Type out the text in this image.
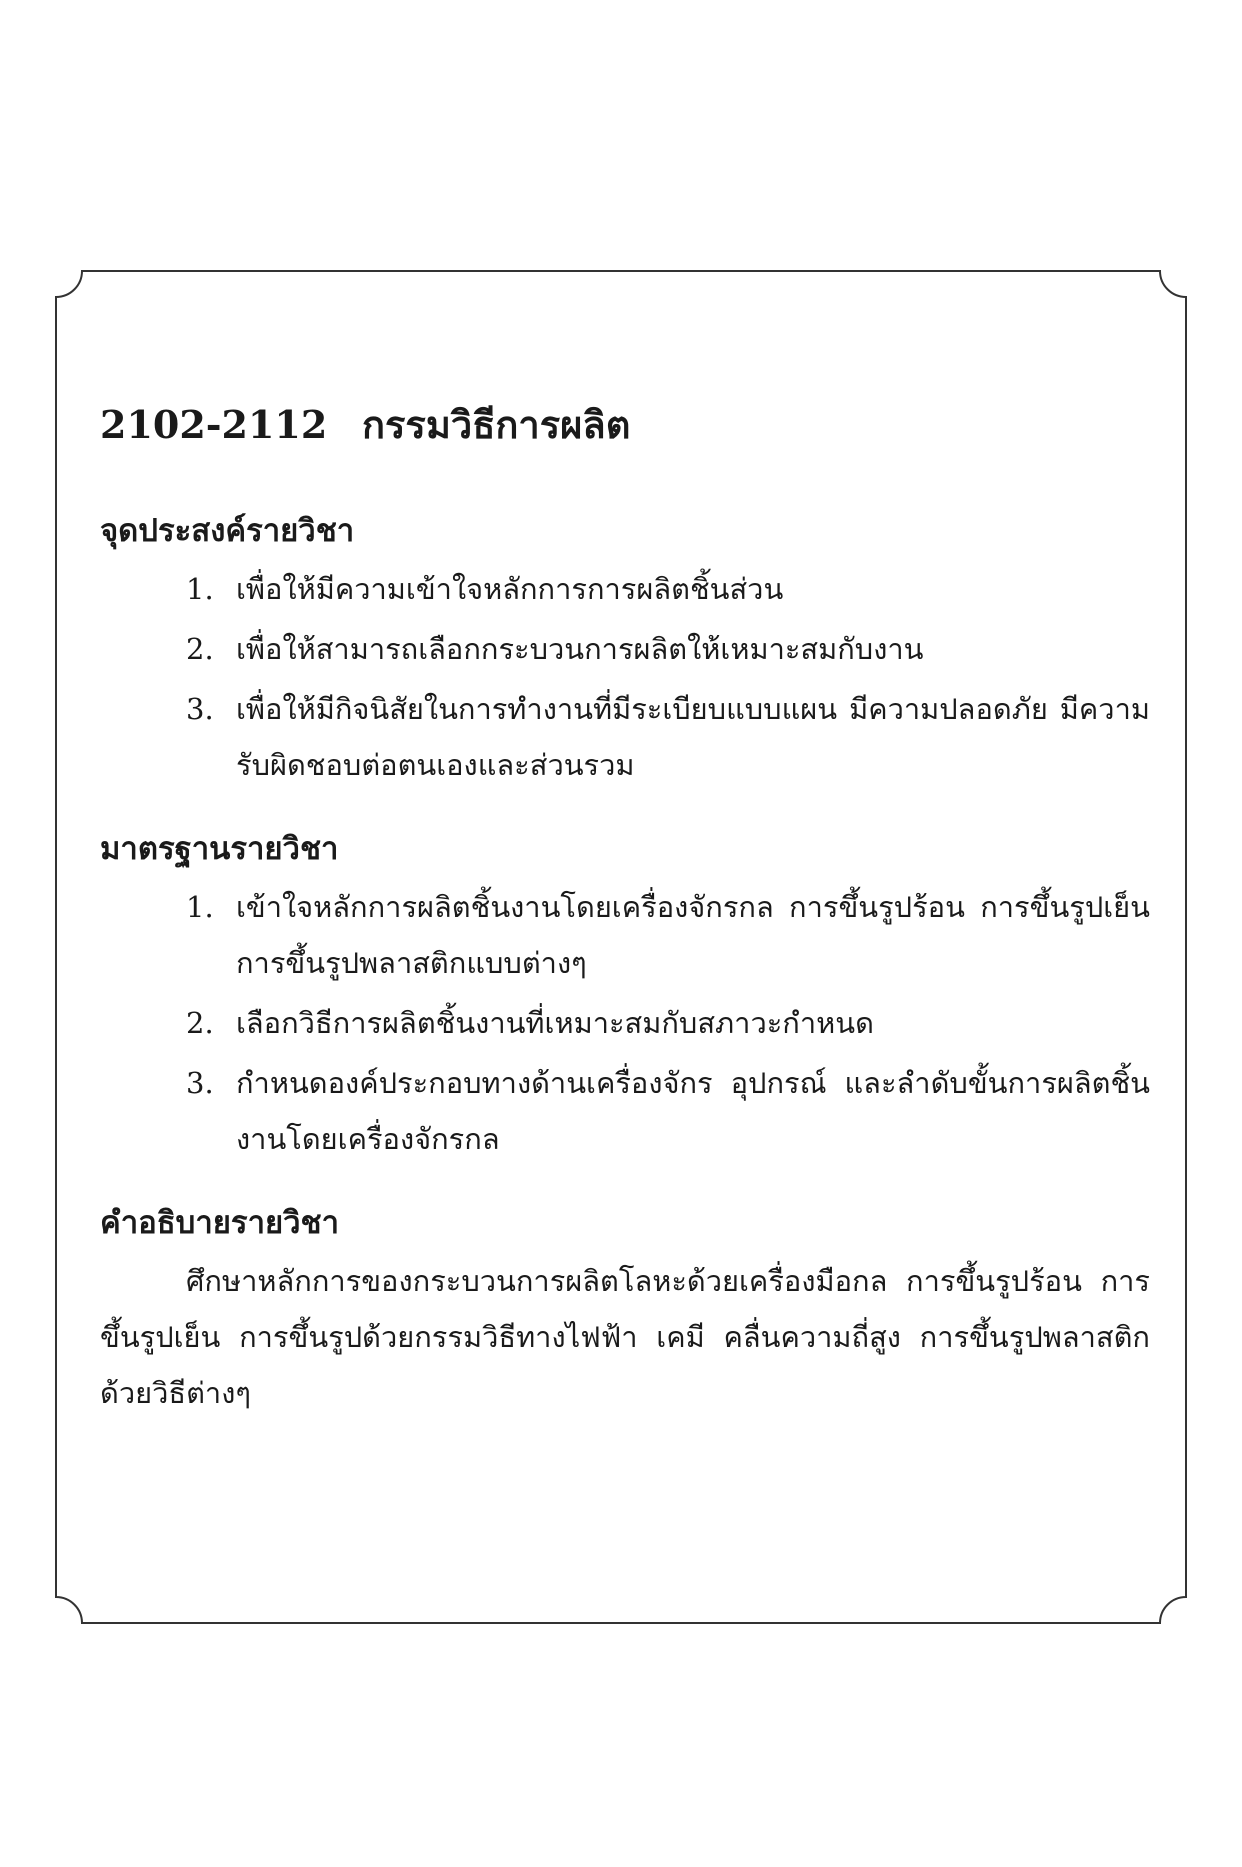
2102-2112 กรรมวิธีการผลิต
จุดประสงค์รายวิชา
1. เพื่อให้มีความเข้าใจหลักการการผลิตชิ้นส่วน
2. เพื่อให้สามารถเลือกกระบวนการผลิตให้เหมาะสมกับงาน
3. เพื่อให้มีกิจนิสัยในการทำงานที่มีระเบียบแบบแผน มีความปลอดภัย มีความรับผิดชอบต่อตนเองและส่วนรวม
มาตรฐานรายวิชา
1. เข้าใจหลักการผลิตชิ้นงานโดยเครื่องจักรกล การขึ้นรูปร้อน การขึ้นรูปเย็น การขึ้นรูปพลาสติกแบบต่างๆ
2. เลือกวิธีการผลิตชิ้นงานที่เหมาะสมกับสภาวะกำหนด
3. กำหนดองค์ประกอบทางด้านเครื่องจักร อุปกรณ์ และลำดับขั้นการผลิตชิ้นงานโดยเครื่องจักรกล
คำอธิบายรายวิชา

ศึกษาหลักการของกระบวนการผลิตโลหะด้วยเครื่องมือกล การขึ้นรูปร้อน การขึ้นรูปเย็น การขึ้นรูปด้วยกรรมวิธีทางไฟฟ้า เคมี คลื่นความถี่สูง การขึ้นรูปพลาสติกด้วยวิธีต่างๆ
